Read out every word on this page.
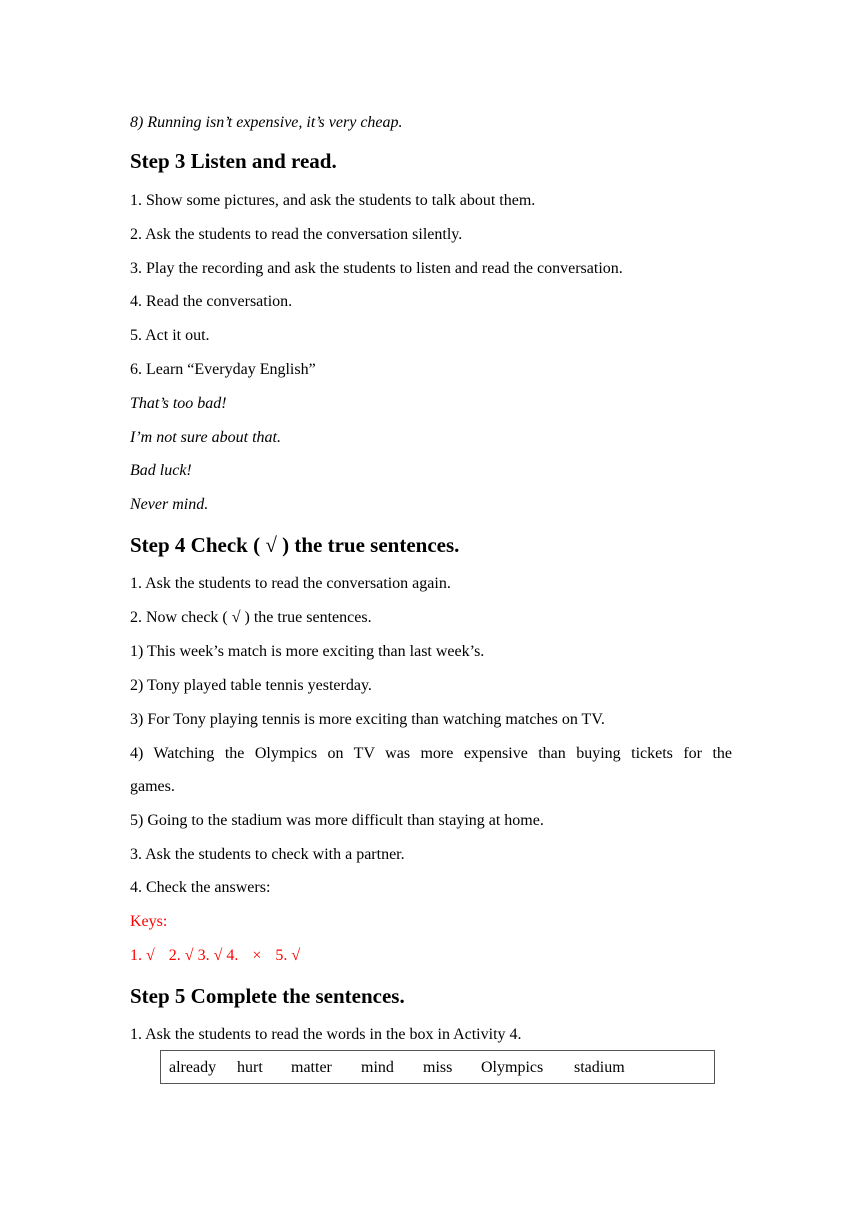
8) Running isn’t expensive, it’s very cheap.
Step 3 Listen and read.
1. Show some pictures, and ask the students to talk about them.
2. Ask the students to read the conversation silently.
3. Play the recording and ask the students to listen and read the conversation.
4. Read the conversation.
5. Act it out.
6. Learn “Everyday English”
That’s too bad!
I’m not sure about that.
Bad luck!
Never mind.
Step 4 Check ( √ ) the true sentences.
1. Ask the students to read the conversation again.
2. Now check ( √ ) the true sentences.
1) This week’s match is more exciting than last week’s.
2) Tony played table tennis yesterday.
3) For Tony playing tennis is more exciting than watching matches on TV.
4) Watching the Olympics on TV was more expensive than buying tickets for the
games.
5) Going to the stadium was more difficult than staying at home.
3. Ask the students to check with a partner.
4. Check the answers:
Keys:
1. √ 2. √ 3. √ 4. × 5. √
Step 5 Complete the sentences.
1. Ask the students to read the words in the box in Activity 4.
already hurt matter mind miss Olympics stadium
